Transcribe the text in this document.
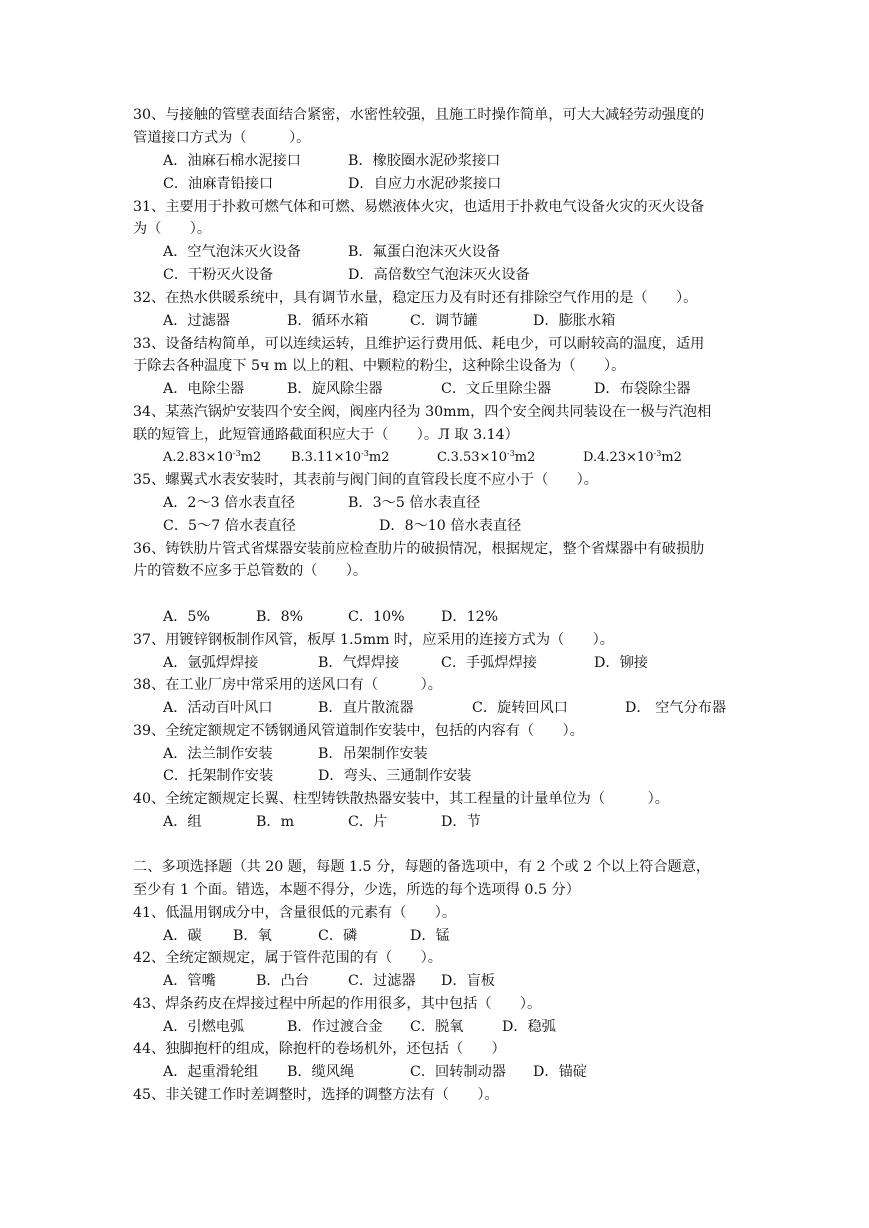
30、与接触的管壁表面结合紧密，水密性较强，且施工时操作简单，可大大减轻劳动强度的
管道接口方式为（　　　）。
A．油麻石棉水泥接口	B．橡胶圈水泥砂浆接口
C．油麻青铅接口	D．自应力水泥砂浆接口
31、主要用于扑救可燃气体和可燃、易燃液体火灾，也适用于扑救电气设备火灾的灭火设备
为（　　）。
A．空气泡沫灭火设备	B．氟蛋白泡沫灭火设备
C．干粉灭火设备	D．高倍数空气泡沫灭火设备
32、在热水供暖系统中，具有调节水量，稳定压力及有时还有排除空气作用的是（　　）。
A．过滤器	B．循环水箱	C．调节罐	D．膨胀水箱
33、设备结构简单，可以连续运转，且维护运行费用低、耗电少，可以耐较高的温度，适用
于除去各种温度下 5ч m 以上的粗、中颗粒的粉尘，这种除尘设备为（　　）。
A．电除尘器	B．旋风除尘器	C．文丘里除尘器	D．布袋除尘器
34、某蒸汽锅炉安装四个安全阀，阀座内径为 30mm，四个安全阀共同装设在一极与汽泡相
联的短管上，此短管通路截面积应大于（　　）。Л 取 3.14）
$A.2.83\times 10^{-3}m2$ $B.3.11\times 10^{-3}m2$	$C.3.53\times 10^{-3}m2$	$D.4.23\times 10^{-3}m2$
35、螺翼式水表安装时，其表前与阀门间的直管段长度不应小于（　　）。
A．2～3 倍水表直径	B．3～5 倍水表直径
C．5～7 倍水表直径	D．8～10 倍水表直径
36、铸铁肋片管式省煤器安装前应检查肋片的破损情况，根据规定，整个省煤器中有破损肋
片的管数不应多于总管数的（　　）。
A．5%	B．8%	C．10%	D．12%
37、用镀锌钢板制作风管，板厚 1.5mm 时，应采用的连接方式为（　　）。
A．氩弧焊焊接	B．气焊焊接	C．手弧焊焊接	D．铆接
38、在工业厂房中常采用的送风口有（　　　）。
A．活动百叶风口	B．直片散流器	C．旋转回风口	D． 空气分布器
39、全统定额规定不锈钢通风管道制作安装中，包括的内容有（　　）。
A．法兰制作安装	B．吊架制作安装
C．托架制作安装	D．弯头、三通制作安装
40、全统定额规定长翼、柱型铸铁散热器安装中，其工程量的计量单位为（　　　）。
A．组	B．m	C．片	D．节
二、多项选择题（共 20 题，每题 1.5 分，每题的备选项中，有 2 个或 2 个以上符合题意，
至少有 1 个面。错选，本题不得分，少选，所选的每个选项得 0.5 分）
41、低温用钢成分中，含量很低的元素有（　　）。
A．碳 B．氧	C．磷	D．锰
42、全统定额规定，属于管件范围的有（　　）。
A．管嘴	B．凸台	C．过滤器 D．盲板
43、焊条药皮在焊接过程中所起的作用很多，其中包括（　　）。
A．引燃电弧	B．作过渡合金 C．脱氧	D．稳弧
44、独脚抱杆的组成，除抱杆的卷场机外，还包括（　　）
A．起重滑轮组 B．缆风绳	C．回转制动器 D．锚碇
45、非关键工作时差调整时，选择的调整方法有（　　）。
